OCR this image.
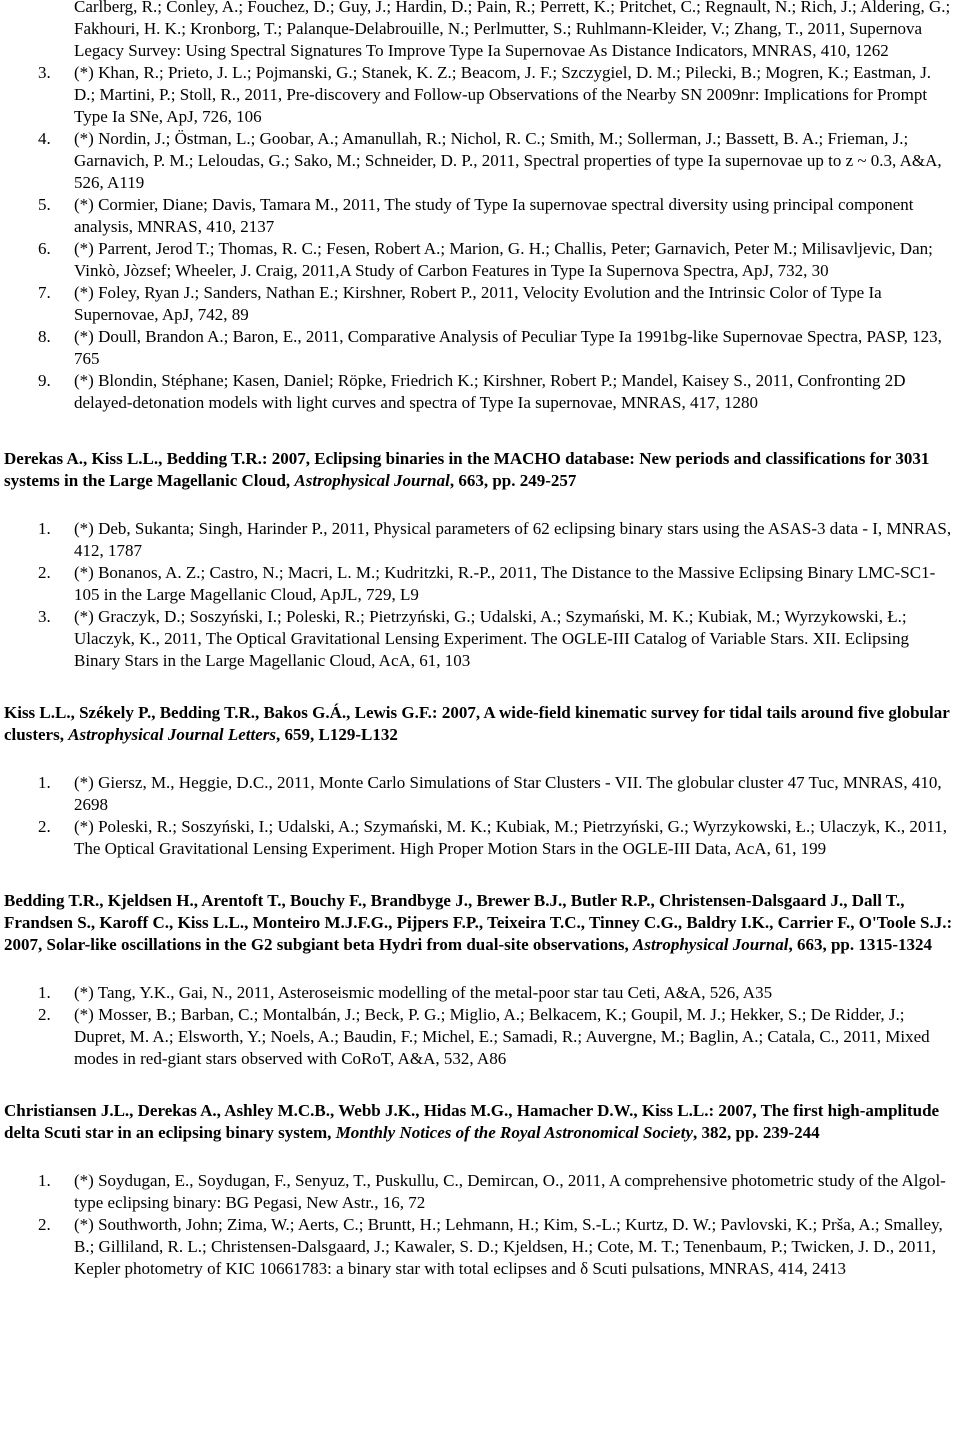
Carlberg, R.; Conley, A.; Fouchez, D.; Guy, J.; Hardin, D.; Pain, R.; Perrett, K.; Pritchet, C.; Regnault, N.; Rich, J.; Aldering, G.; Fakhouri, H. K.; Kronborg, T.; Palanque-Delabrouille, N.; Perlmutter, S.; Ruhlmann-Kleider, V.; Zhang, T., 2011, Supernova Legacy Survey: Using Spectral Signatures To Improve Type Ia Supernovae As Distance Indicators, MNRAS, 410, 1262
3. (*) Khan, R.; Prieto, J. L.; Pojmanski, G.; Stanek, K. Z.; Beacom, J. F.; Szczygiel, D. M.; Pilecki, B.; Mogren, K.; Eastman, J. D.; Martini, P.; Stoll, R., 2011, Pre-discovery and Follow-up Observations of the Nearby SN 2009nr: Implications for Prompt Type Ia SNe, ApJ, 726, 106
4. (*) Nordin, J.; Östman, L.; Goobar, A.; Amanullah, R.; Nichol, R. C.; Smith, M.; Sollerman, J.; Bassett, B. A.; Frieman, J.; Garnavich, P. M.; Leloudas, G.; Sako, M.; Schneider, D. P., 2011, Spectral properties of type Ia supernovae up to z ~ 0.3, A&A, 526, A119
5. (*) Cormier, Diane; Davis, Tamara M., 2011, The study of Type Ia supernovae spectral diversity using principal component analysis, MNRAS, 410, 2137
6. (*) Parrent, Jerod T.; Thomas, R. C.; Fesen, Robert A.; Marion, G. H.; Challis, Peter; Garnavich, Peter M.; Milisavljevic, Dan; Vinkò, Jòzsef; Wheeler, J. Craig, 2011,A Study of Carbon Features in Type Ia Supernova Spectra, ApJ, 732, 30
7. (*) Foley, Ryan J.; Sanders, Nathan E.; Kirshner, Robert P., 2011, Velocity Evolution and the Intrinsic Color of Type Ia Supernovae, ApJ, 742, 89
8. (*) Doull, Brandon A.; Baron, E., 2011, Comparative Analysis of Peculiar Type Ia 1991bg-like Supernovae Spectra, PASP, 123, 765
9. (*) Blondin, Stéphane; Kasen, Daniel; Röpke, Friedrich K.; Kirshner, Robert P.; Mandel, Kaisey S., 2011, Confronting 2D delayed-detonation models with light curves and spectra of Type Ia supernovae, MNRAS, 417, 1280
Derekas A., Kiss L.L., Bedding T.R.: 2007, Eclipsing binaries in the MACHO database: New periods and classifications for 3031 systems in the Large Magellanic Cloud, Astrophysical Journal, 663, pp. 249-257
1. (*) Deb, Sukanta; Singh, Harinder P., 2011, Physical parameters of 62 eclipsing binary stars using the ASAS-3 data - I, MNRAS, 412, 1787
2. (*) Bonanos, A. Z.; Castro, N.; Macri, L. M.; Kudritzki, R.-P., 2011, The Distance to the Massive Eclipsing Binary LMC-SC1-105 in the Large Magellanic Cloud, ApJL, 729, L9
3. (*) Graczyk, D.; Soszyński, I.; Poleski, R.; Pietrzyński, G.; Udalski, A.; Szymański, M. K.; Kubiak, M.; Wyrzykowski, Ł.; Ulaczyk, K., 2011, The Optical Gravitational Lensing Experiment. The OGLE-III Catalog of Variable Stars. XII. Eclipsing Binary Stars in the Large Magellanic Cloud, AcA, 61, 103
Kiss L.L., Székely P., Bedding T.R., Bakos G.Á., Lewis G.F.: 2007, A wide-field kinematic survey for tidal tails around five globular clusters, Astrophysical Journal Letters, 659, L129-L132
1. (*) Giersz, M., Heggie, D.C., 2011, Monte Carlo Simulations of Star Clusters - VII. The globular cluster 47 Tuc, MNRAS, 410, 2698
2. (*) Poleski, R.; Soszyński, I.; Udalski, A.; Szymański, M. K.; Kubiak, M.; Pietrzyński, G.; Wyrzykowski, Ł.; Ulaczyk, K., 2011, The Optical Gravitational Lensing Experiment. High Proper Motion Stars in the OGLE-III Data, AcA, 61, 199
Bedding T.R., Kjeldsen H., Arentoft T., Bouchy F., Brandbyge J., Brewer B.J., Butler R.P., Christensen-Dalsgaard J., Dall T., Frandsen S., Karoff C., Kiss L.L., Monteiro M.J.F.G., Pijpers F.P., Teixeira T.C., Tinney C.G., Baldry I.K., Carrier F., O'Toole S.J.: 2007, Solar-like oscillations in the G2 subgiant beta Hydri from dual-site observations, Astrophysical Journal, 663, pp. 1315-1324
1. (*) Tang, Y.K., Gai, N., 2011, Asteroseismic modelling of the metal-poor star tau Ceti, A&A, 526, A35
2. (*) Mosser, B.; Barban, C.; Montalbán, J.; Beck, P. G.; Miglio, A.; Belkacem, K.; Goupil, M. J.; Hekker, S.; De Ridder, J.; Dupret, M. A.; Elsworth, Y.; Noels, A.; Baudin, F.; Michel, E.; Samadi, R.; Auvergne, M.; Baglin, A.; Catala, C., 2011, Mixed modes in red-giant stars observed with CoRoT, A&A, 532, A86
Christiansen J.L., Derekas A., Ashley M.C.B., Webb J.K., Hidas M.G., Hamacher D.W., Kiss L.L.: 2007, The first high-amplitude delta Scuti star in an eclipsing binary system, Monthly Notices of the Royal Astronomical Society, 382, pp. 239-244
1. (*) Soydugan, E., Soydugan, F., Senyuz, T., Puskullu, C., Demircan, O., 2011, A comprehensive photometric study of the Algol-type eclipsing binary: BG Pegasi, New Astr., 16, 72
2. (*) Southworth, John; Zima, W.; Aerts, C.; Bruntt, H.; Lehmann, H.; Kim, S.-L.; Kurtz, D. W.; Pavlovski, K.; Prša, A.; Smalley, B.; Gilliland, R. L.; Christensen-Dalsgaard, J.; Kawaler, S. D.; Kjeldsen, H.; Cote, M. T.; Tenenbaum, P.; Twicken, J. D., 2011, Kepler photometry of KIC 10661783: a binary star with total eclipses and δ Scuti pulsations, MNRAS, 414, 2413
